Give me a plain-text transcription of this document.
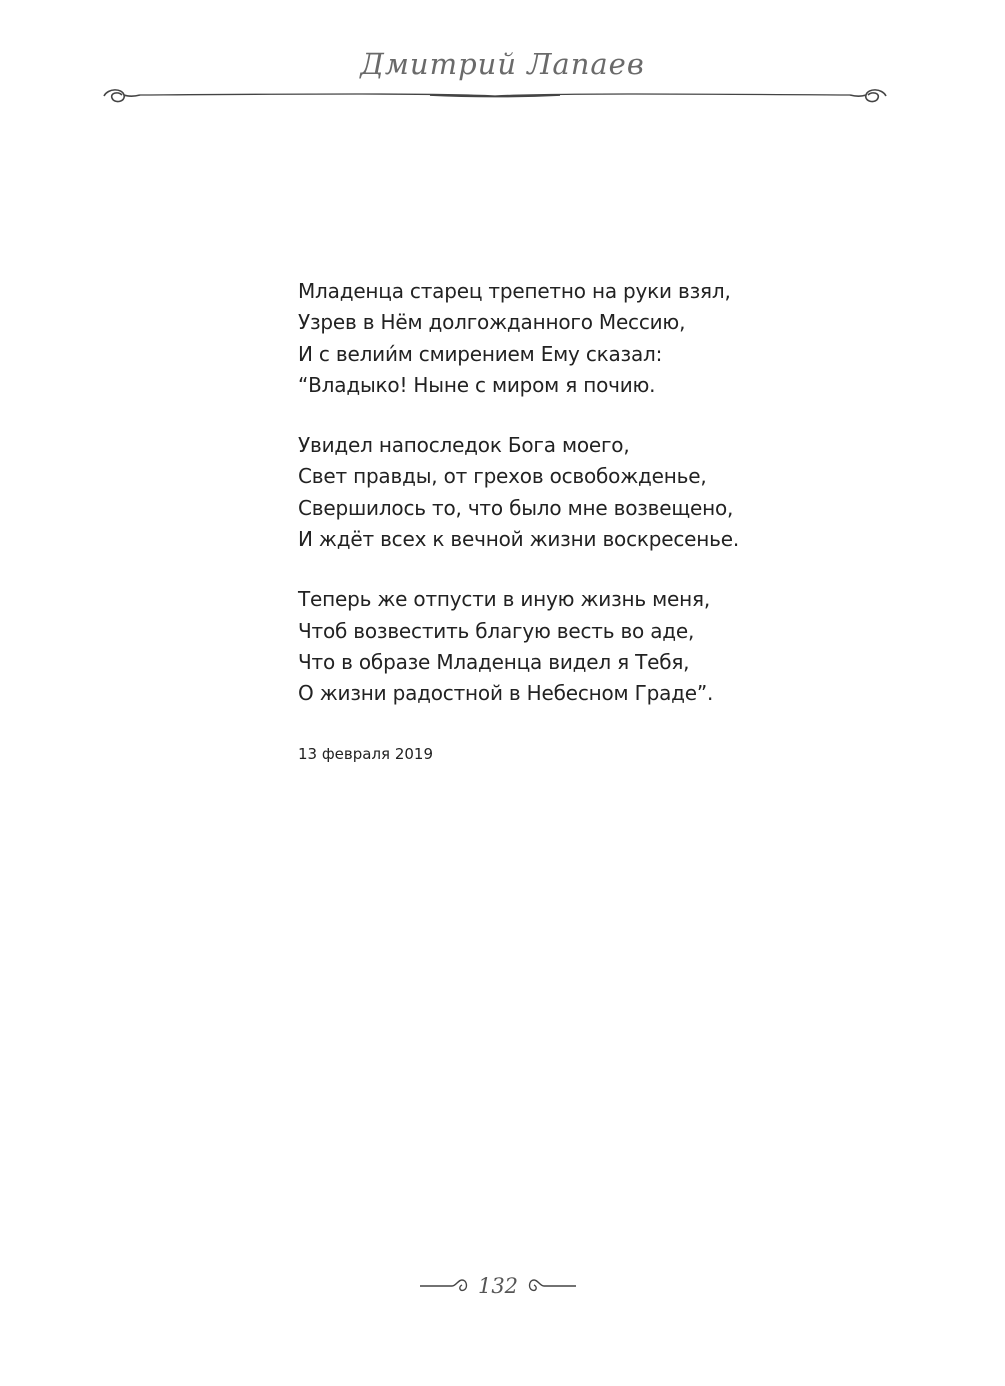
Дмитрий Лапаев
Младенца старец трепетно на руки взял,
Узрев в Нём долгожданного Мессию,
И с велии́м смирением Ему сказал:
“Владыко! Ныне с миром я почию.
Увидел напоследок Бога моего,
Свет правды, от грехов освобожденье,
Свершилось то, что было мне возвещено,
И ждёт всех к вечной жизни воскресенье.
Теперь же отпусти в иную жизнь меня,
Чтоб возвестить благую весть во аде,
Что в образе Младенца видел я Тебя,
О жизни радостной в Небесном Граде”.
13 февраля 2019
132
